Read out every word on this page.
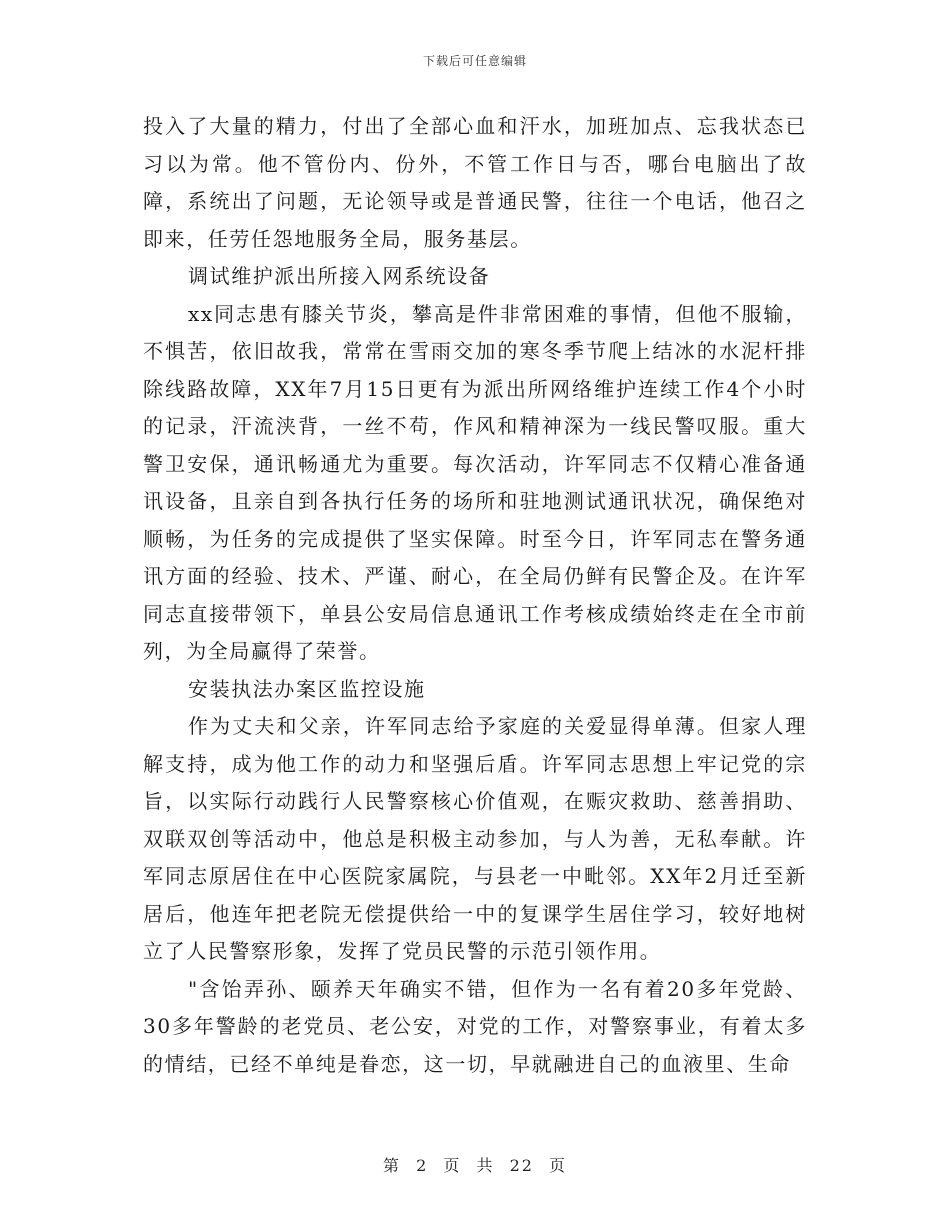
下载后可任意编辑

投入了大量的精力，付出了全部心血和汗水，加班加点、忘我状态已习以为常。他不管份内、份外，不管工作日与否，哪台电脑出了故障，系统出了问题，无论领导或是普通民警，往往一个电话，他召之即来，任劳任怨地服务全局，服务基层。

调试维护派出所接入网系统设备

xx同志患有膝关节炎，攀高是件非常困难的事情，但他不服输，不惧苦，依旧故我，常常在雪雨交加的寒冬季节爬上结冰的水泥杆排除线路故障，XX年7月15日更有为派出所网络维护连续工作4个小时的记录，汗流浃背，一丝不苟，作风和精神深为一线民警叹服。重大警卫安保，通讯畅通尤为重要。每次活动，许军同志不仅精心准备通讯设备，且亲自到各执行任务的场所和驻地测试通讯状况，确保绝对顺畅，为任务的完成提供了坚实保障。时至今日，许军同志在警务通讯方面的经验、技术、严谨、耐心，在全局仍鲜有民警企及。在许军同志直接带领下，单县公安局信息通讯工作考核成绩始终走在全市前列，为全局赢得了荣誉。

安装执法办案区监控设施

作为丈夫和父亲，许军同志给予家庭的关爱显得单薄。但家人理解支持，成为他工作的动力和坚强后盾。许军同志思想上牢记党的宗旨，以实际行动践行人民警察核心价值观，在赈灾救助、慈善捐助、双联双创等活动中，他总是积极主动参加，与人为善，无私奉献。许军同志原居住在中心医院家属院，与县老一中毗邻。XX年2月迁至新居后，他连年把老院无偿提供给一中的复课学生居住学习，较好地树立了人民警察形象，发挥了党员民警的示范引领作用。

"含饴弄孙、颐养天年确实不错，但作为一名有着20多年党龄、30多年警龄的老党员、老公安，对党的工作，对警察事业，有着太多的情结，已经不单纯是眷恋，这一切，早就融进自己的血液里、生命

第 2 页 共 22 页
